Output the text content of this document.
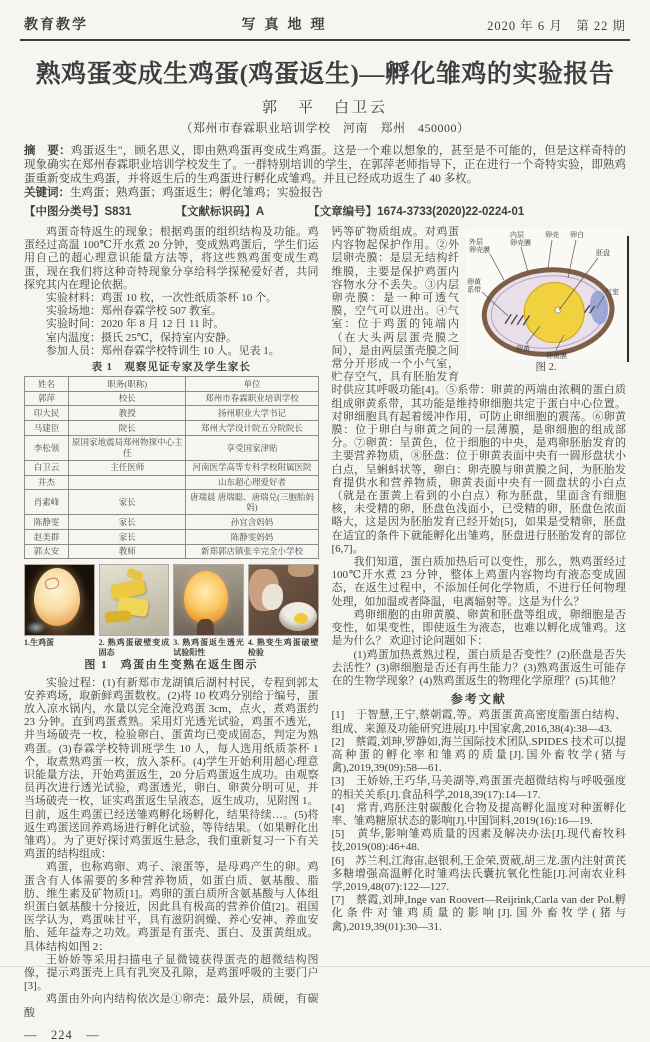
教育教学	写真地理	2020 年 6 月　第 22 期
熟鸡蛋变成生鸡蛋(鸡蛋返生)—孵化雏鸡的实验报告
郭　平　白卫云
（郑州市春霖职业培训学校　河南　郑州　450000）

摘　要：鸡蛋返生"，顾名思义，即由熟鸡蛋再变成生鸡蛋。这是一个难以想象的，甚至是不可能的，但是这样奇特的现象确实在郑州春霖职业培训学校发生了。一群特别培训的学生，在郭萍老师指导下，正在进行一个奇特实验，即熟鸡蛋重新变成生鸡蛋，并将返生后的生鸡蛋进行孵化成雏鸡。并且已经成功返生了 40 多枚。

关键词：生鸡蛋；熟鸡蛋；鸡蛋返生；孵化雏鸡；实验报告

【中图分类号】S831	【文献标识码】A	【文章编号】1674-3733(2020)22-0224-01

鸡蛋奇特返生的现象；根据鸡蛋的组织结构及功能。鸡蛋经过高温 100℃开水煮 20 分钟，变成熟鸡蛋后，学生们运用自己的超心理意识能量方法等，将这些熟鸡蛋变成生鸡蛋，现在我们将这种奇特现象分享给科学探秘爱好者，共同探究其内在理论依据。

实验材料：鸡蛋 10 枚，一次性纸质茶杯 10 个。

实验场地：郑州春霖学校 507 教室。

实验时间：2020 年 8 月 12 日 11 时。

室内温度：摄氏 25℃，保持室内安静。

参加人员：郑州春霖学校特训生 10 人。见表 1。

表 1　观察见证专家及学生家长
姓名	职务(职称)	单位
郭萍	校长	郑州市春霖职业培训学校
印大民	教授	扬州职业大学书记
马建臣	院长	郑州大学设计院五分院院长
李松领	原国家地震局郑州物探中心主任	享受国家津贴
白卫云	主任医师	河南医学高等专科学校附属医院
井杰		山东超心理爱好者
肖素峰	家长	唐瑞晨 唐瑞聪、唐瑞兑(三胞胎妈妈)
陈静雯	家长	孙宜含妈妈
赵美群	家长	陈静雯妈妈
郭太安	教师	新郑郭店镇张辛完全小学校
1.生鸡蛋	2. 熟鸡蛋破壁变成固态
3. 熟鸡蛋返生透光试验阳性
4. 熟变生鸡蛋破壁检验
图 1　鸡蛋由生变熟在返生图示

实验过程：(1)有新郑市龙湖镇后湖村村民，专程到郭太安养鸡场，取新鲜鸡蛋数枚。(2)将 10 枚鸡分别给于编号，蛋放入凉水锅内，水量以完全淹没鸡蛋 3cm，点火，煮鸡蛋约 23 分钟。直到鸡蛋煮熟。采用灯光透光试验，鸡蛋不透光，并当场破壳一枚，检验卵白、蛋黄均已变成固态，判定为熟鸡蛋。(3)春霖学校特训班学生 10 人，每人选用纸质茶杯 1 个，取煮熟鸡蛋一枚，放入茶杯。(4)学生开始利用超心理意识能量方法，开始鸡蛋返生，20 分后鸡蛋返生成功。由观察员再次进行透光试验，鸡蛋透光，卵白、卵黄分明可见，并当场破壳一枚，证实鸡蛋返生呈液态，返生成功，见附图 1。目前，返生鸡蛋已经送雏鸡孵化场孵化，结果待续…。(5)将返生鸡蛋送回养鸡场进行孵化试验，等待结果。（如果孵化出雏鸡）。为了更好探讨鸡蛋返生悬念，我们重新复习一下有关鸡蛋的结构组成：

鸡蛋，也称鸡卵、鸡子、滚蛋等，是母鸡产生的卵。鸡蛋含有人体需要的多种营养物质，如蛋白质、氨基酸、脂肪、维生素及矿物质[1]。鸡卵的蛋白质所含氨基酸与人体组织蛋白氨基酸十分接近，因此具有极高的营养价值[2]。祖国医学认为，鸡蛋味甘平，具有滋阴润燥、养心安神、养血安胎、延年益寿之功效。鸡蛋是有蛋壳、蛋白、及蛋黄组成。具体结构如图 2：

王娇娇等采用扫描电子显微镜获得蛋壳的超微结构图像，提示鸡蛋壳上具有乳突及孔隙，是鸡蛋呼吸的主要门户[3]。

鸡蛋由外向内结构依次是①卵壳：最外层，质硬，有碳酸

—　224　—
外层
卵壳膜
内层
卵壳膜
卵壳 卵白
胚盘
气室
卵黄
系带
卵黄
卵黄膜
图 2.

钙等矿物质组成。对鸡蛋内容物起保护作用。②外层卵壳膜：是层无结构纤维膜，主要是保护鸡蛋内容物水分不丢失。③内层卵壳膜：是一种可透气膜，空气可以进出。④气室：位于鸡蛋的钝端内（在大头两层蛋壳膜之间），是由两层蛋壳膜之间常分开形成一个小气室，贮存空气，具有胚胎发育时供应其呼吸功能[4]。⑤系带：卵黄的两端由浓稠的蛋白质组成卵黄系带，其功能是维持卵细胞共定于蛋白中心位置。对卵细胞具有起着缓冲作用，可防止卵细胞的震荡。⑥卵黄膜：位于卵白与卵黄之间的一层薄膜，是卵细胞的组成部分。⑦卵黄：呈黄色，位于细胞的中央，是鸡卵胚胎发育的主要营养物质，⑧胚盘：位于卵黄表面中央有一圆形盘状小白点，呈蝌蚪状等，卵白：卵壳膜与卵黄膜之间，为胚胎发育提供水和营养物质，卵黄表面中央有一圆盘状的小白点（就是在蛋黄上看到的小白点）称为胚盘，里面含有细胞核，未受精的卵，胚盘色浅面小，已受精的卵，胚盘色浓面略大，这是因为胚胎发育已经开始[5]，如果是受精卵，胚盘在适宜的条件下就能孵化出雏鸡，胚盘进行胚胎发育的部位[6,7]。

我们知道，蛋白质加热后可以变性，那么，熟鸡蛋经过 100℃开水煮 23 分钟，整体上鸡蛋内容物均有液态变成固态，在返生过程中，不添加任何化学物质，不进行任何物理处理，如加温或者降温，电离辐射等。这是为什么？

鸡卵细胞的由卵黄膜、卵黄和胚盘等组成，卵细胞是否变性，如果变性，即使返生为液态，也难以孵化成雏鸡。这是为什么？ 欢迎讨论问题如下：

(1)鸡蛋加热煮熟过程，蛋白质是否变性？(2)胚盘是否失去活性？(3)卵细胞是否还有再生能力？(3)熟鸡蛋返生可能存在的生物学现象？(4)熟鸡蛋返生的物理化学原理？(5)其他？

参考文献

[1]　于智慧,王宁,蔡朝霞,等。鸡蛋蛋黄高密度脂蛋白结构、组成、来源及功能研究进展[J].中国家禽,2016,38(4):38—43.

[2]　蔡霞,刘珅,罗静如,海兰国际技术团队.SPIDES 技术可以提高种蛋的孵化率和雏鸡的质量[J].国外畜牧学(猪与禽),2019,39(09):58—61.

[3]　王娇娇,王巧华,马美湖等,鸡蛋蛋壳超微结构与呼吸强度的相关关系[J].食品科学,2018,39(17):14—17.

[4]　常青,鸡胚注射碳酸化合物及提高孵化温度对种蛋孵化率、雏鸡糖原状态的影响[J].中国饲料,2019(16):16—19.

[5]　黄华,影响雏鸡质量的因素及解决办法[J].现代畜牧科技,2019(08):46+48.

[6]　苏兰利,江海宙,赵银利,王金荣,贾葳,胡三龙.蛋内注射黄芪多糖增强高温孵化时雏鸡法氏囊抗氧化性能[J].河南农业科学,2019,48(07):122—127.

[7]　蔡霞,刘珅,Inge van Roovert—Reijrink,Carla van der Pol.孵化条件对雏鸡质量的影响[J].国外畜牧学(猪与禽),2019,39(01):30—31.
